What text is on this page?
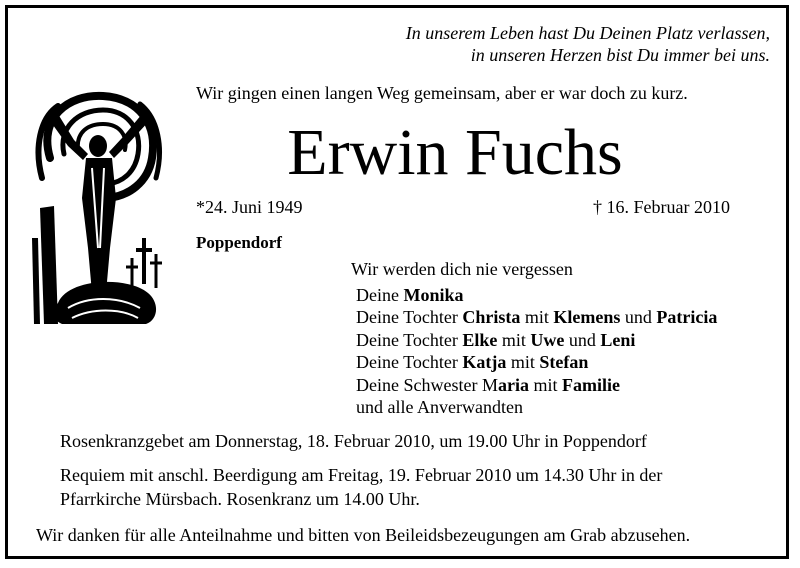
In unserem Leben hast Du Deinen Platz verlassen,
in unseren Herzen bist Du immer bei uns.
Wir gingen einen langen Weg gemeinsam, aber er war doch zu kurz.
Erwin Fuchs
*24. Juni 1949	† 16. Februar 2010
Poppendorf
Wir werden dich nie vergessen
Deine Monika
Deine Tochter Christa mit Klemens und Patricia
Deine Tochter Elke mit Uwe und Leni
Deine Tochter Katja mit Stefan
Deine Schwester Maria mit Familie
und alle Anverwandten
Rosenkranzgebet am Donnerstag, 18. Februar 2010, um 19.00 Uhr in Poppendorf
Requiem mit anschl. Beerdigung am Freitag, 19. Februar 2010 um 14.30 Uhr in der
Pfarrkirche Mürsbach. Rosenkranz um 14.00 Uhr.
Wir danken für alle Anteilnahme und bitten von Beileidsbezeugungen am Grab abzusehen.
